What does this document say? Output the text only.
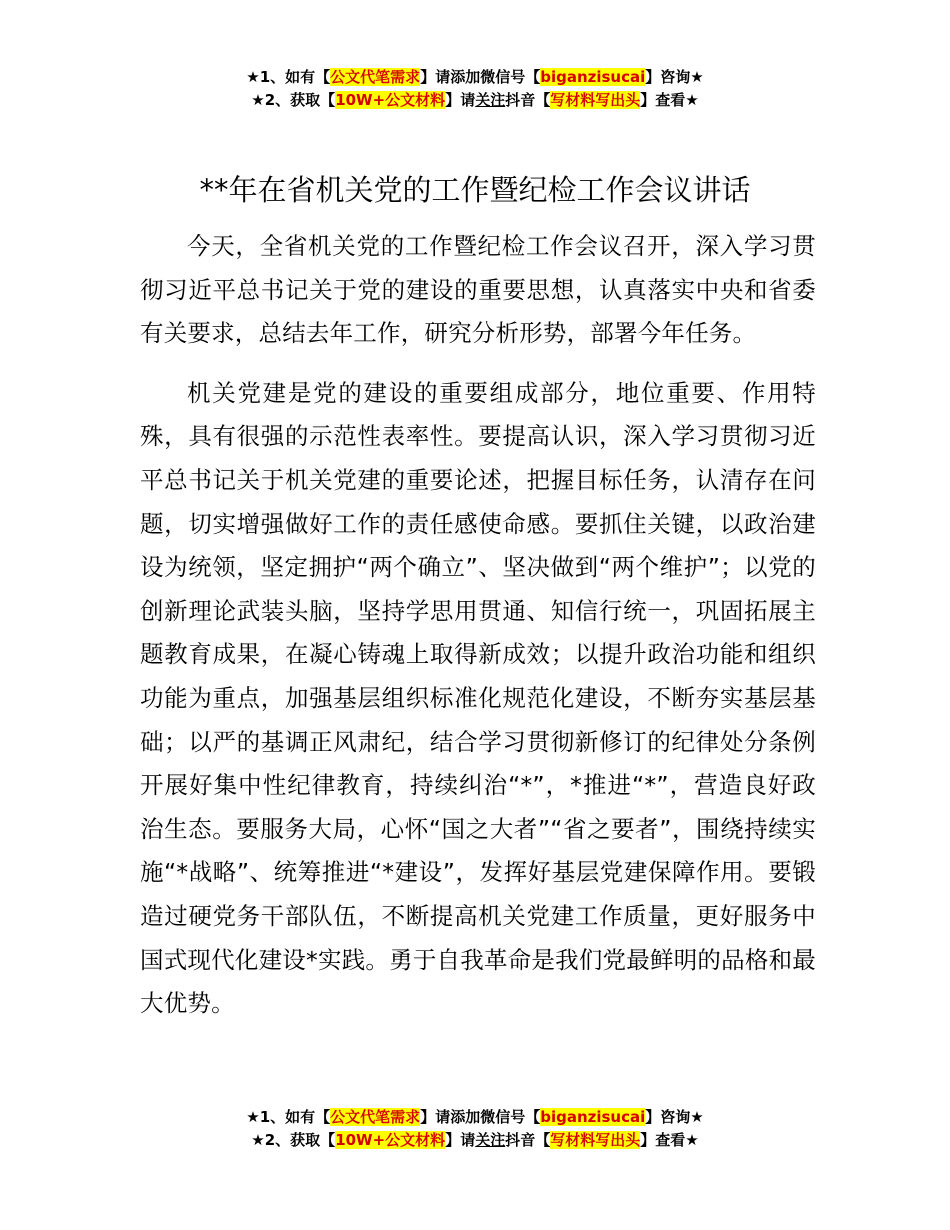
★1、如有【公文代笔需求】请添加微信号【biganzisucai】咨询★
★2、获取【10W+公文材料】请关注抖音【写材料写出头】查看★
**年在省机关党的工作暨纪检工作会议讲话

今天，全省机关党的工作暨纪检工作会议召开，深入学习贯彻习近平总书记关于党的建设的重要思想，认真落实中央和省委有关要求，总结去年工作，研究分析形势，部署今年任务。

机关党建是党的建设的重要组成部分，地位重要、作用特殊，具有很强的示范性表率性。要提高认识，深入学习贯彻习近平总书记关于机关党建的重要论述，把握目标任务，认清存在问题，切实增强做好工作的责任感使命感。要抓住关键，以政治建设为统领，坚定拥护“两个确立”、坚决做到“两个维护”；以党的创新理论武装头脑，坚持学思用贯通、知信行统一，巩固拓展主题教育成果，在凝心铸魂上取得新成效；以提升政治功能和组织功能为重点，加强基层组织标准化规范化建设，不断夯实基层基础；以严的基调正风肃纪，结合学习贯彻新修订的纪律处分条例开展好集中性纪律教育，持续纠治“*”，*推进“*”，营造良好政治生态。要服务大局，心怀“国之大者”“省之要者”，围绕持续实施“*战略”、统筹推进“*建设”，发挥好基层党建保障作用。要锻造过硬党务干部队伍，不断提高机关党建工作质量，更好服务中国式现代化建设*实践。勇于自我革命是我们党最鲜明的品格和最大优势。

★1、如有【公文代笔需求】请添加微信号【biganzisucai】咨询★
★2、获取【10W+公文材料】请关注抖音【写材料写出头】查看★
